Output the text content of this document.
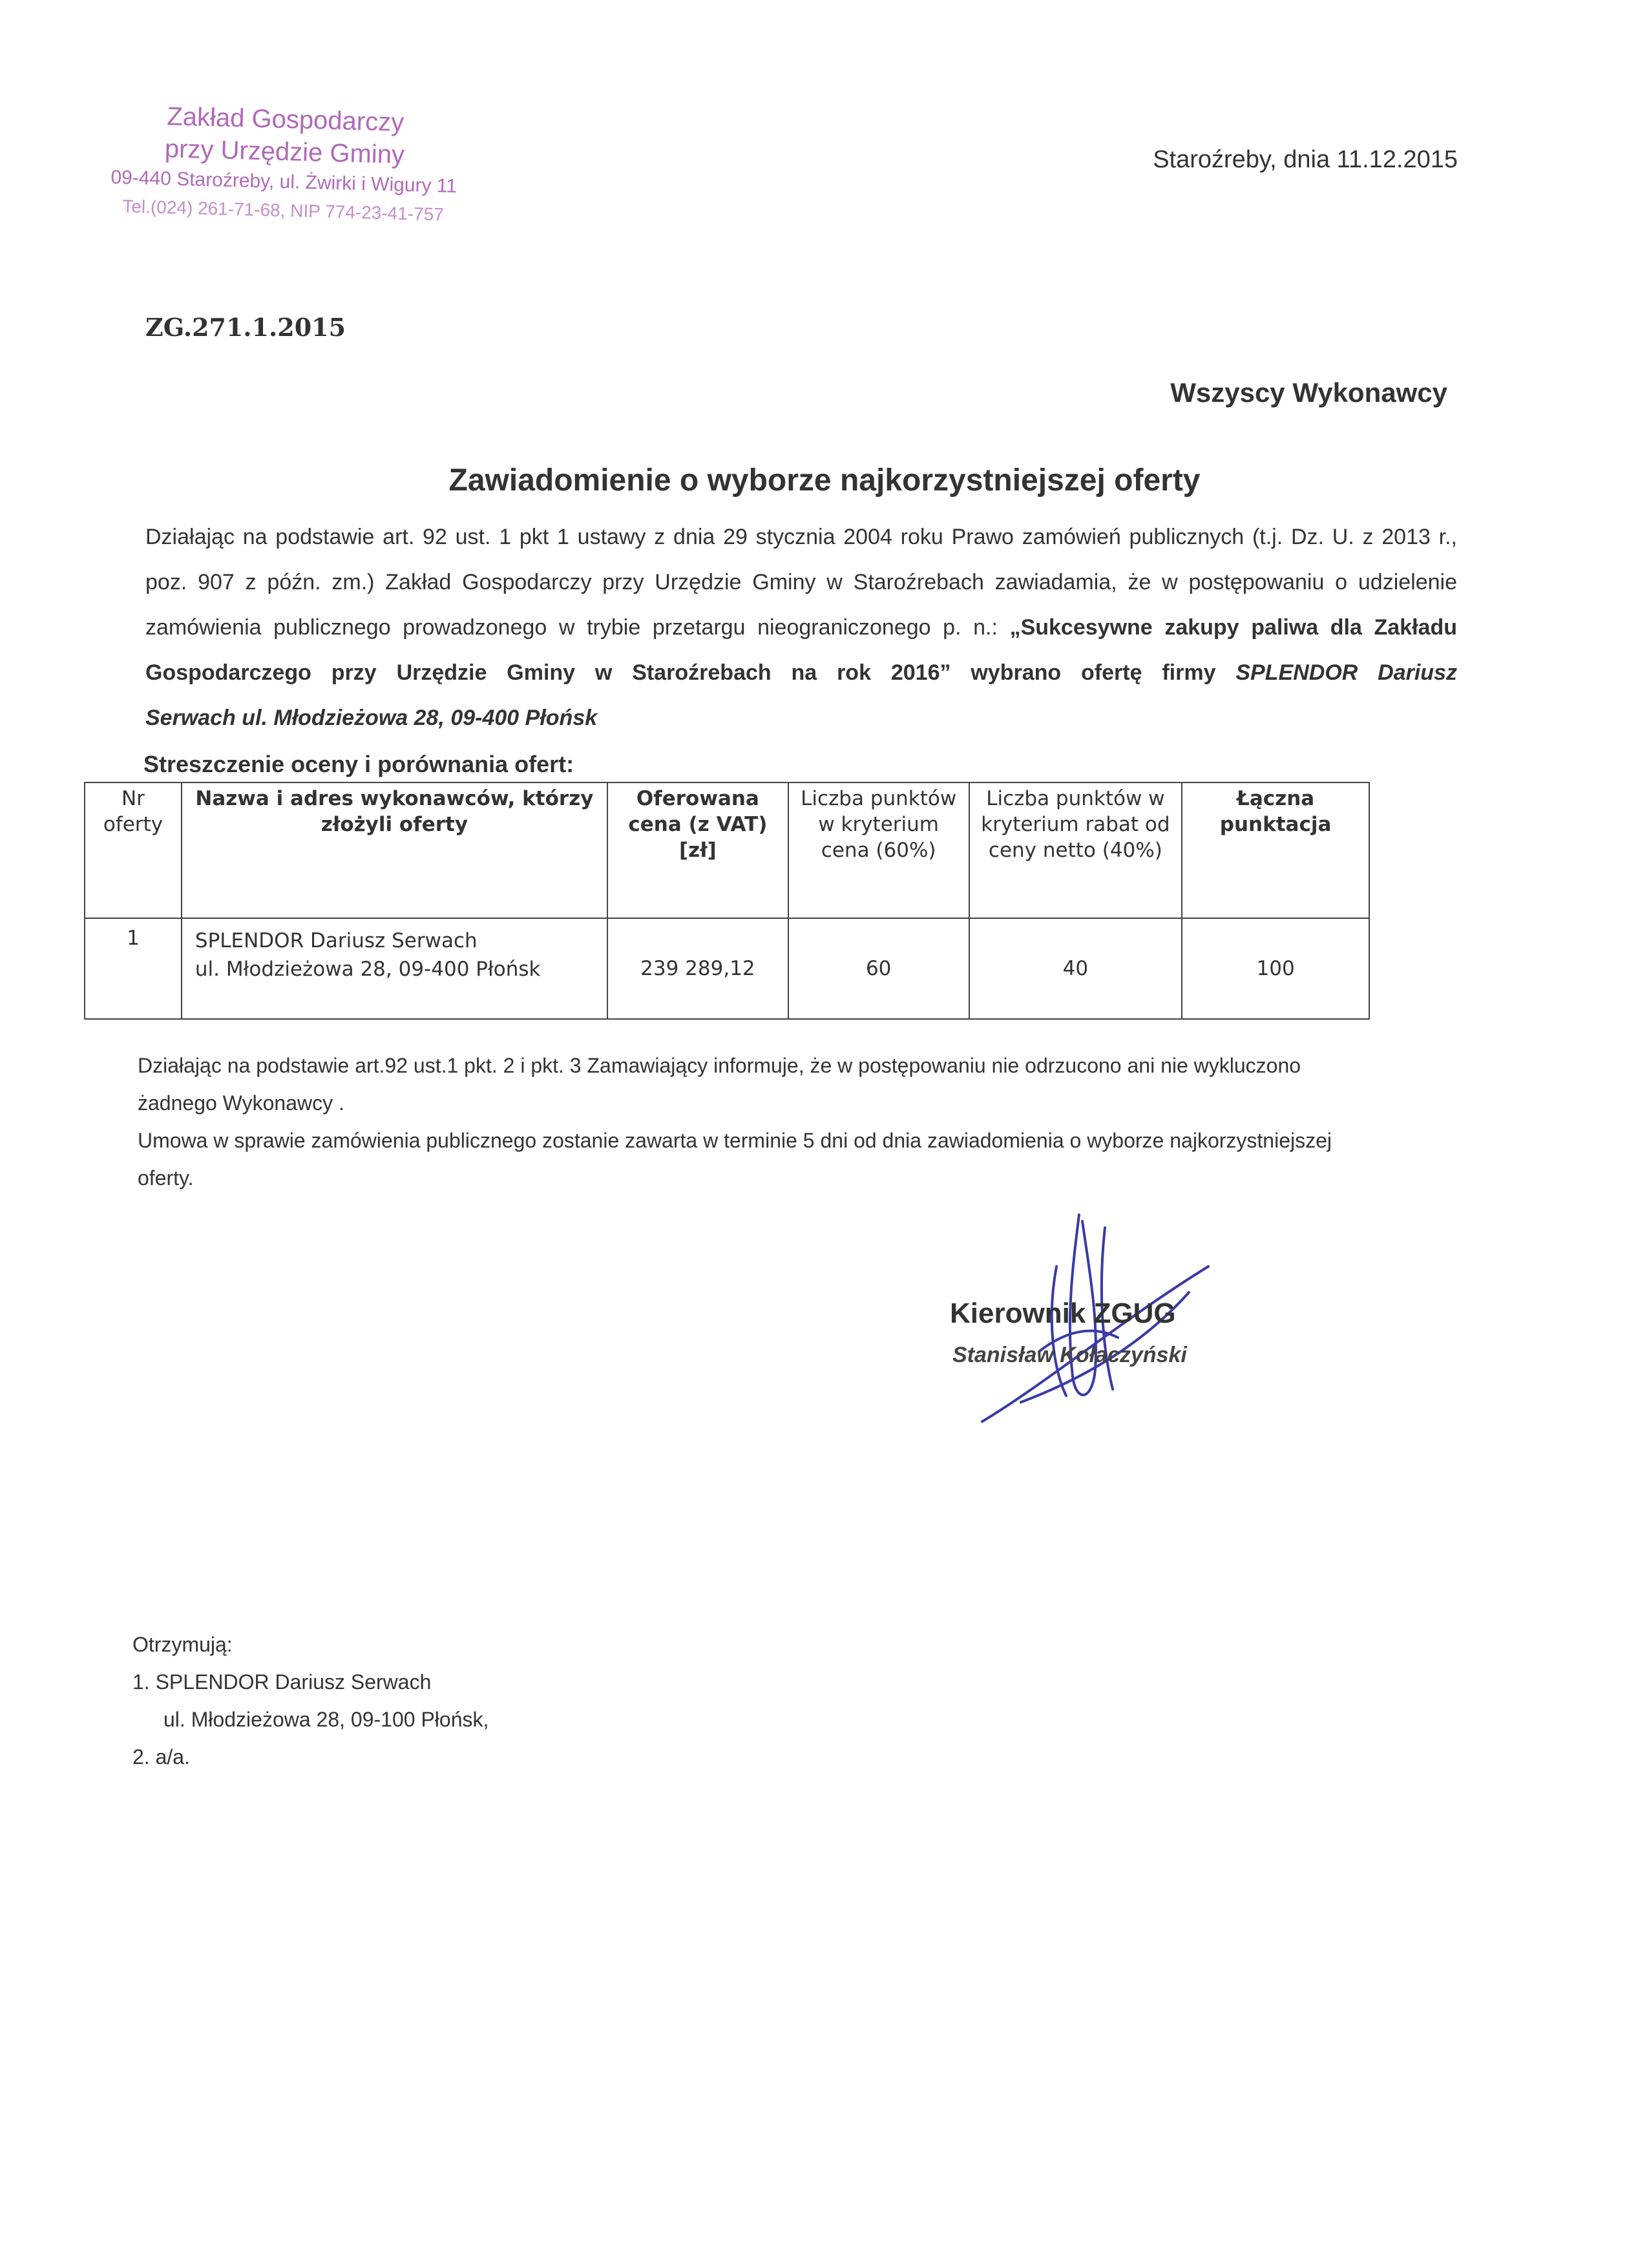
Zakład Gospodarczy
przy Urzędzie Gminy
09-440 Staroźreby, ul. Żwirki i Wigury 11
Tel.(024) 261-71-68, NIP 774-23-41-757
Staroźreby, dnia 11.12.2015
ZG.271.1.2015
Wszyscy Wykonawcy
Zawiadomienie o wyborze najkorzystniejszej oferty
Działając na podstawie art. 92 ust. 1 pkt 1 ustawy z dnia 29 stycznia 2004 roku Prawo zamówień publicznych (t.j. Dz. U. z 2013 r.,
poz. 907 z późn. zm.) Zakład Gospodarczy przy Urzędzie Gminy w Staroźrebach zawiadamia, że w postępowaniu o udzielenie
zamówienia publicznego prowadzonego w trybie przetargu nieograniczonego p. n.: „Sukcesywne zakupy paliwa dla Zakładu
Gospodarczego przy Urzędzie Gminy w Staroźrebach na rok 2016” wybrano ofertę firmy SPLENDOR Dariusz
Serwach ul. Młodzieżowa 28, 09-400 Płońsk
Streszczenie oceny i porównania ofert:
Nr oferty	Nazwa i adres wykonawców, którzy złożyli oferty	Oferowana cena (z VAT) [zł]	Liczba punktów w kryterium cena (60%)	Liczba punktów w kryterium rabat od ceny netto (40%)	Łączna punktacja
1	SPLENDOR Dariusz Serwach
ul. Młodzieżowa 28, 09-400 Płońsk	239 289,12	60	40	100
Działając na podstawie art.92 ust.1 pkt. 2 i pkt. 3 Zamawiający informuje, że w postępowaniu nie odrzucono ani nie wykluczono
żadnego Wykonawcy .
Umowa w sprawie zamówienia publicznego zostanie zawarta w terminie 5 dni od dnia zawiadomienia o wyborze najkorzystniejszej
oferty.
Kierownik ZGUG
Stanisław Kołaczyński
Otrzymują:
1. SPLENDOR Dariusz Serwach
ul. Młodzieżowa 28, 09-100 Płońsk,
2. a/a.
